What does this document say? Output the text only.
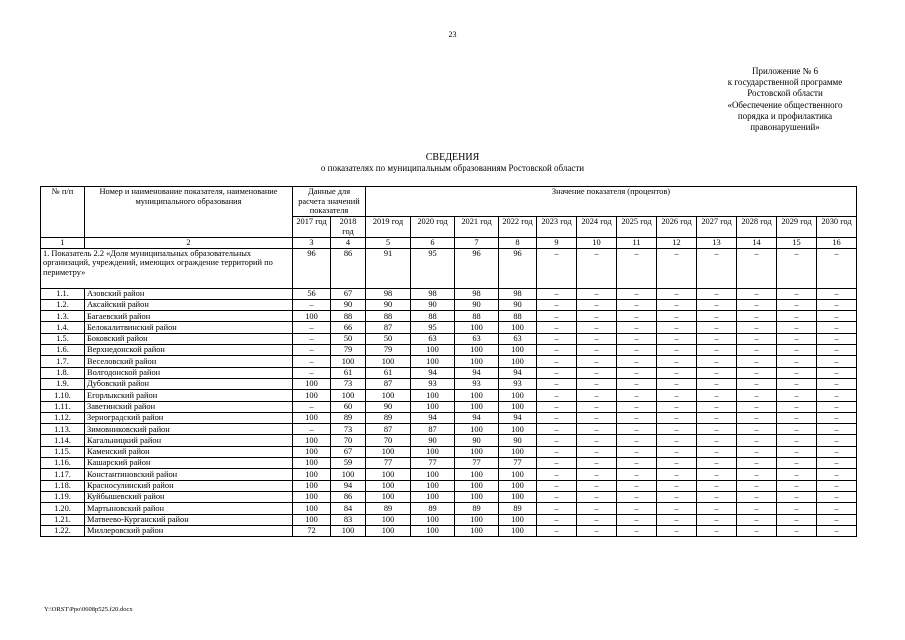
23
Приложение № 6
к государственной программе
Ростовской области
«Обеспечение общественного
порядка и профилактика
правонарушений»
СВЕДЕНИЯ
о показателях по муниципальным образованиям Ростовской области
№ п/п	Номер и наименование показателя, наименование муниципального образования	Данные для расчета значений показателя		Значение показателя (процентов)											

		2017 год	2018 год	2019 год	2020 год	2021 год	2022 год	2023 год	2024 год	2025 год	2026 год	2027 год	2028 год	2029 год	2030 год
1	2	3	4	5	6	7	8	9	10	11	12	13	14	15	16
1. Показатель 2.2 «Доля муниципальных образовательных организаций, учреждений, имеющих ограждение территорий по периметру»		96	86	91	95	96	96	–	–	–	–	–	–	–	–
1.1.	Азовский район	56	67	98	98	98	98	–	–	–	–	–	–	–	–
1.2.	Аксайский район	–	90	90	90	90	90	–	–	–	–	–	–	–	–
1.3.	Багаевский район	100	88	88	88	88	88	–	–	–	–	–	–	–	–
1.4.	Белокалитвинский район	–	66	87	95	100	100	–	–	–	–	–	–	–	–
1.5.	Боковский район	–	50	50	63	63	63	–	–	–	–	–	–	–	–
1.6.	Верхнедонской район	–	79	79	100	100	100	–	–	–	–	–	–	–	–
1.7.	Веселовский район	–	100	100	100	100	100	–	–	–	–	–	–	–	–
1.8.	Волгодонской район	–	61	61	94	94	94	–	–	–	–	–	–	–	–
1.9.	Дубовский район	100	73	87	93	93	93	–	–	–	–	–	–	–	–
1.10.	Егорлыкский район	100	100	100	100	100	100	–	–	–	–	–	–	–	–
1.11.	Заветинский район	–	60	90	100	100	100	–	–	–	–	–	–	–	–
1.12.	Зерноградский район	100	89	89	94	94	94	–	–	–	–	–	–	–	–
1.13.	Зимовниковский район	–	73	87	87	100	100	–	–	–	–	–	–	–	–
1.14.	Кагальницкий район	100	70	70	90	90	90	–	–	–	–	–	–	–	–
1.15.	Каменский район	100	67	100	100	100	100	–	–	–	–	–	–	–	–
1.16.	Кашарский район	100	59	77	77	77	77	–	–	–	–	–	–	–	–
1.17.	Константиновский район	100	100	100	100	100	100	–	–	–	–	–	–	–	–
1.18.	Красносулинский район	100	94	100	100	100	100	–	–	–	–	–	–	–	–
1.19.	Куйбышевский район	100	86	100	100	100	100	–	–	–	–	–	–	–	–
1.20.	Мартыновский район	100	84	89	89	89	89	–	–	–	–	–	–	–	–
1.21.	Матвеево-Курганский район	100	83	100	100	100	100	–	–	–	–	–	–	–	–
1.22.	Миллеровский район	72	100	100	100	100	100	–	–	–	–	–	–	–	–
Y:\ORST\Ppo\0608p525.f20.docx
